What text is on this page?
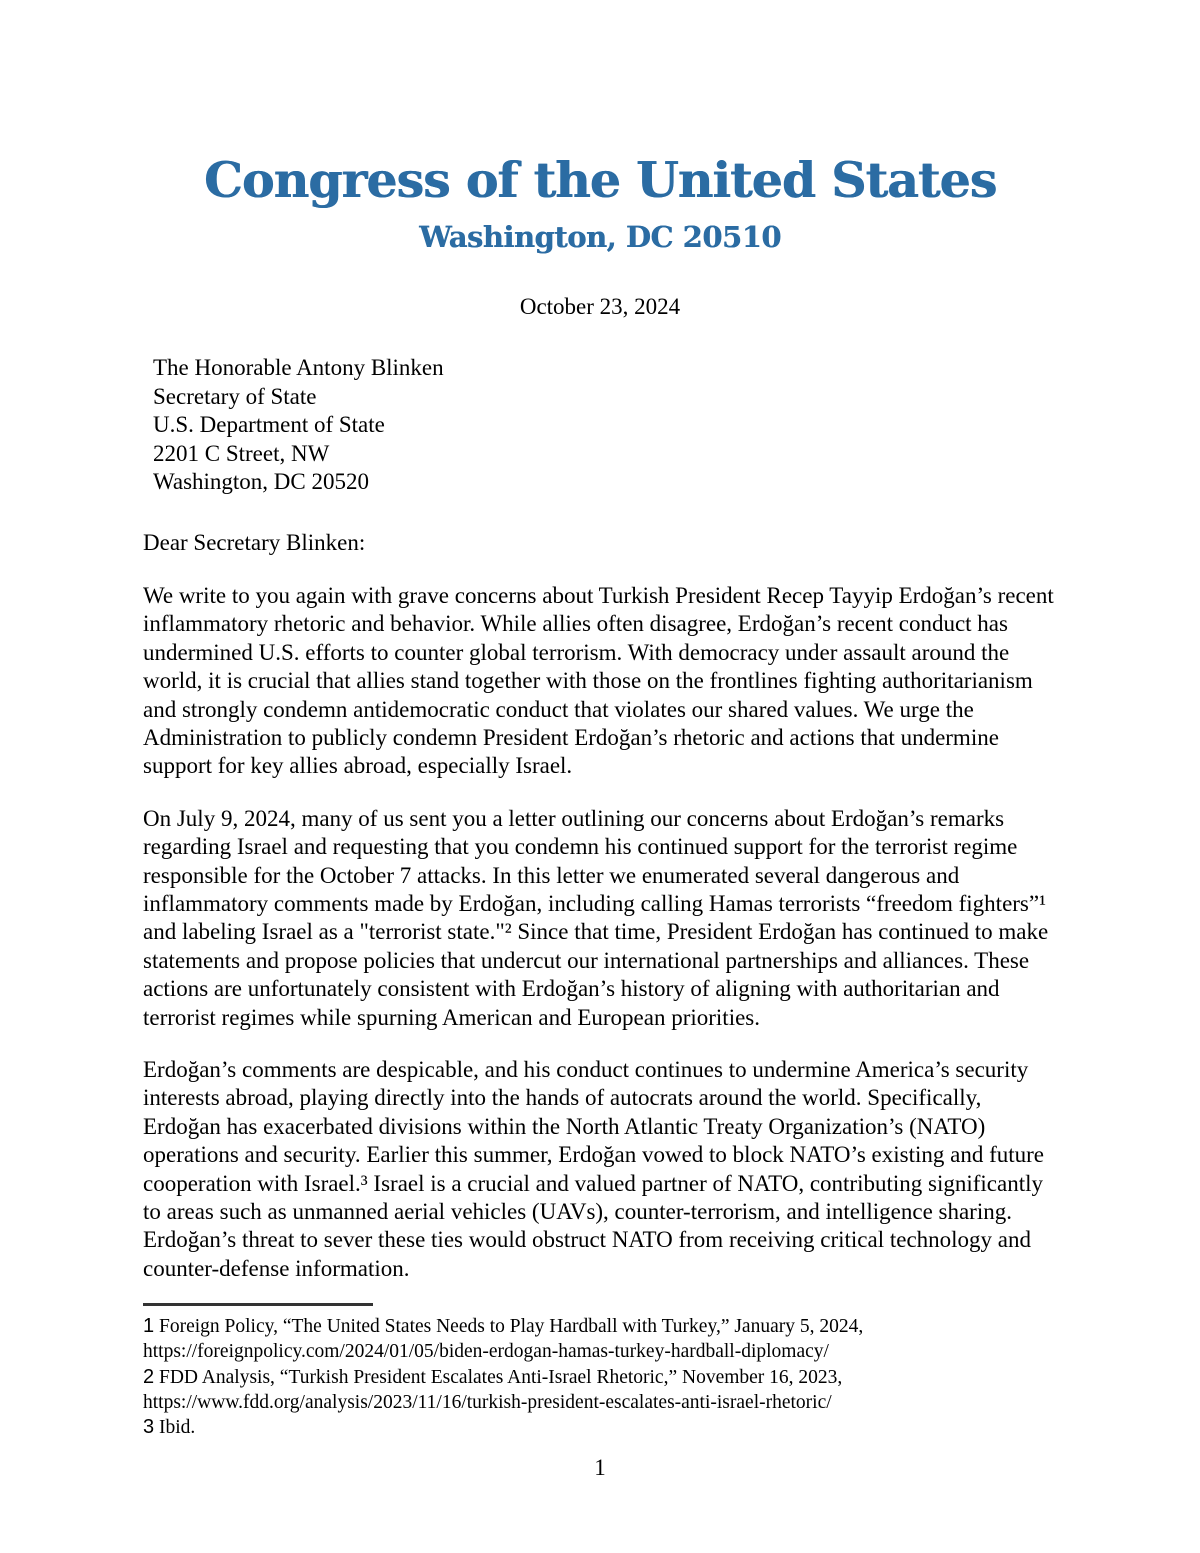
Congress of the United States
Washington, DC 20510
October 23, 2024
The Honorable Antony Blinken
Secretary of State
U.S. Department of State
2201 C Street, NW
Washington, DC 20520
Dear Secretary Blinken:

We write to you again with grave concerns about Turkish President Recep Tayyip Erdoğan’s recent inflammatory rhetoric and behavior. While allies often disagree, Erdoğan’s recent conduct has undermined U.S. efforts to counter global terrorism. With democracy under assault around the world, it is crucial that allies stand together with those on the frontlines fighting authoritarianism and strongly condemn antidemocratic conduct that violates our shared values. We urge the Administration to publicly condemn President Erdoğan’s rhetoric and actions that undermine support for key allies abroad, especially Israel.

On July 9, 2024, many of us sent you a letter outlining our concerns about Erdoğan’s remarks regarding Israel and requesting that you condemn his continued support for the terrorist regime responsible for the October 7 attacks. In this letter we enumerated several dangerous and inflammatory comments made by Erdoğan, including calling Hamas terrorists “freedom fighters”¹ and labeling Israel as a "terrorist state."² Since that time, President Erdoğan has continued to make statements and propose policies that undercut our international partnerships and alliances. These actions are unfortunately consistent with Erdoğan’s history of aligning with authoritarian and terrorist regimes while spurning American and European priorities.

Erdoğan’s comments are despicable, and his conduct continues to undermine America’s security interests abroad, playing directly into the hands of autocrats around the world. Specifically, Erdoğan has exacerbated divisions within the North Atlantic Treaty Organization’s (NATO) operations and security. Earlier this summer, Erdoğan vowed to block NATO’s existing and future cooperation with Israel.³ Israel is a crucial and valued partner of NATO, contributing significantly to areas such as unmanned aerial vehicles (UAVs), counter-terrorism, and intelligence sharing. Erdoğan’s threat to sever these ties would obstruct NATO from receiving critical technology and counter-defense information.

1 Foreign Policy, “The United States Needs to Play Hardball with Turkey,” January 5, 2024, https://foreignpolicy.com/2024/01/05/biden-erdogan-hamas-turkey-hardball-diplomacy/
2 FDD Analysis, “Turkish President Escalates Anti-Israel Rhetoric,” November 16, 2023, https://www.fdd.org/analysis/2023/11/16/turkish-president-escalates-anti-israel-rhetoric/
3 Ibid.
1
